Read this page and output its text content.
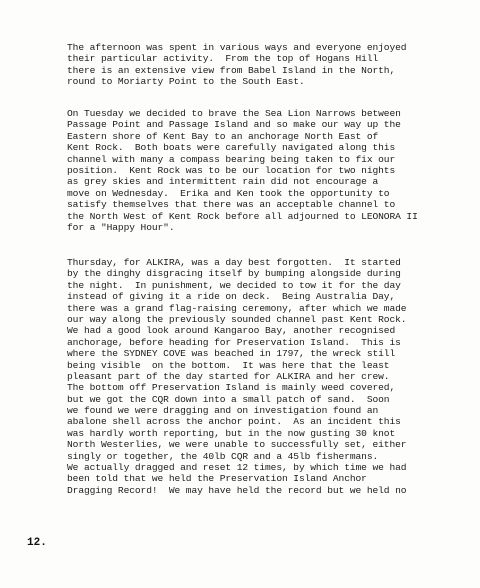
The afternoon was spent in various ways and everyone enjoyed
their particular activity.  From the top of Hogans Hill
there is an extensive view from Babel Island in the North,
round to Moriarty Point to the South East.
On Tuesday we decided to brave the Sea Lion Narrows between
Passage Point and Passage Island and so make our way up the
Eastern shore of Kent Bay to an anchorage North East of
Kent Rock.  Both boats were carefully navigated along this
channel with many a compass bearing being taken to fix our
position.  Kent Rock was to be our location for two nights
as grey skies and intermittent rain did not encourage a
move on Wednesday.  Erika and Ken took the opportunity to
satisfy themselves that there was an acceptable channel to
the North West of Kent Rock before all adjourned to LEONORA II
for a "Happy Hour".
Thursday, for ALKIRA, was a day best forgotten.  It started
by the dinghy disgracing itself by bumping alongside during
the night.  In punishment, we decided to tow it for the day
instead of giving it a ride on deck.  Being Australia Day,
there was a grand flag-raising ceremony, after which we made
our way along the previously sounded channel past Kent Rock.
We had a good look around Kangaroo Bay, another recognised
anchorage, before heading for Preservation Island.  This is
where the SYDNEY COVE was beached in 1797, the wreck still
being visible  on the bottom.  It was here that the least
pleasant part of the day started for ALKIRA and her crew.
The bottom off Preservation Island is mainly weed covered,
but we got the CQR down into a small patch of sand.  Soon
we found we were dragging and on investigation found an
abalone shell across the anchor point.  As an incident this
was hardly worth reporting, but in the now gusting 30 knot
North Westerlies, we were unable to successfully set, either
singly or together, the 40lb CQR and a 45lb fishermans.
We actually dragged and reset 12 times, by which time we had
been told that we held the Preservation Island Anchor
Dragging Record!  We may have held the record but we held no
12.
